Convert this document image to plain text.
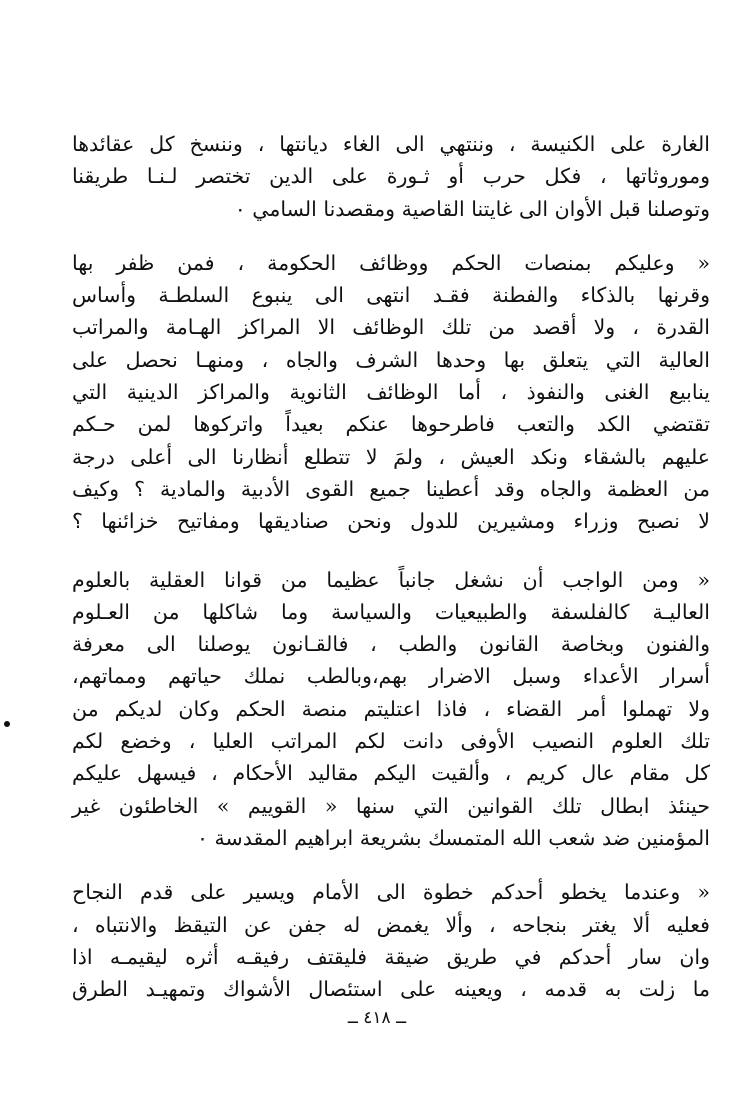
الغارة على الكنيسة ، وننتهي الى الغاء ديانتها ، وننسخ كل عقائدها
وموروثاتها ، فكل حرب أو ثـورة على الدين تختصر لـنـا طريقنا
وتوصلنا قبل الأوان الى غايتنا القاصية ومقصدنا السامي ٠

« وعليكم بمنصات الحكم ووظائف الحكومة ، فمن ظفر بها
وقرنها بالذكاء والفطنة فقـد انتهى الى ينبوع السلطـة وأساس
القدرة ، ولا أقصد من تلك الوظائف الا المراكز الهـامة والمراتب
العالية التي يتعلق بها وحدها الشرف والجاه ، ومنهـا نحصل على
ينابيع الغنى والنفوذ ، أما الوظائف الثانوية والمراكز الدينية التي
تقتضي الكد والتعب فاطرحوها عنكم بعيداً واتركوها لمن حـكم
عليهم بالشقاء ونكد العيش ، ولمَ لا تتطلع أنظارنا الى أعلى درجة
من العظمة والجاه وقد أعطينا جميع القوى الأدبية والمادية ؟ وكيف
لا نصبح وزراء ومشيرين للدول ونحن صناديقها ومفاتيح خزائنها ؟

« ومن الواجب أن نشغل جانباً عظيما من قوانا العقلية بالعلوم
العاليـة كالفلسفة والطبيعيات والسياسة وما شاكلها من العـلوم
والفنون وبخاصة القانون والطب ، فالقـانون يوصلنا الى معرفة
أسرار الأعداء وسبل الاضرار بهم،وبالطب نملك حياتهم ومماتهم،
ولا تهملوا أمر القضاء ، فاذا اعتليتم منصة الحكم وكان لديكم من
تلك العلوم النصيب الأوفى دانت لكم المراتب العليا ، وخضع لكم
كل مقام عال كريم ، وألقيت اليكم مقاليد الأحكام ، فيسهل عليكم
حينئذ ابطال تلك القوانين التي سنها « القوييم » الخاطئون غير
المؤمنين ضد شعب الله المتمسك بشريعة ابراهيم المقدسة ٠

« وعندما يخطو أحدكم خطوة الى الأمام ويسير على قدم النجاح
فعليه ألا يغتر بنجاحه ، وألا يغمض له جفن عن التيقظ والانتباه ،
وان سار أحدكم في طريق ضيقة فليقتف رفيقـه أثره ليقيمـه اذا
ما زلت به قدمه ، ويعينه على استئصال الأشواك وتمهيـد الطرق

ــ ٤١٨ ــ
